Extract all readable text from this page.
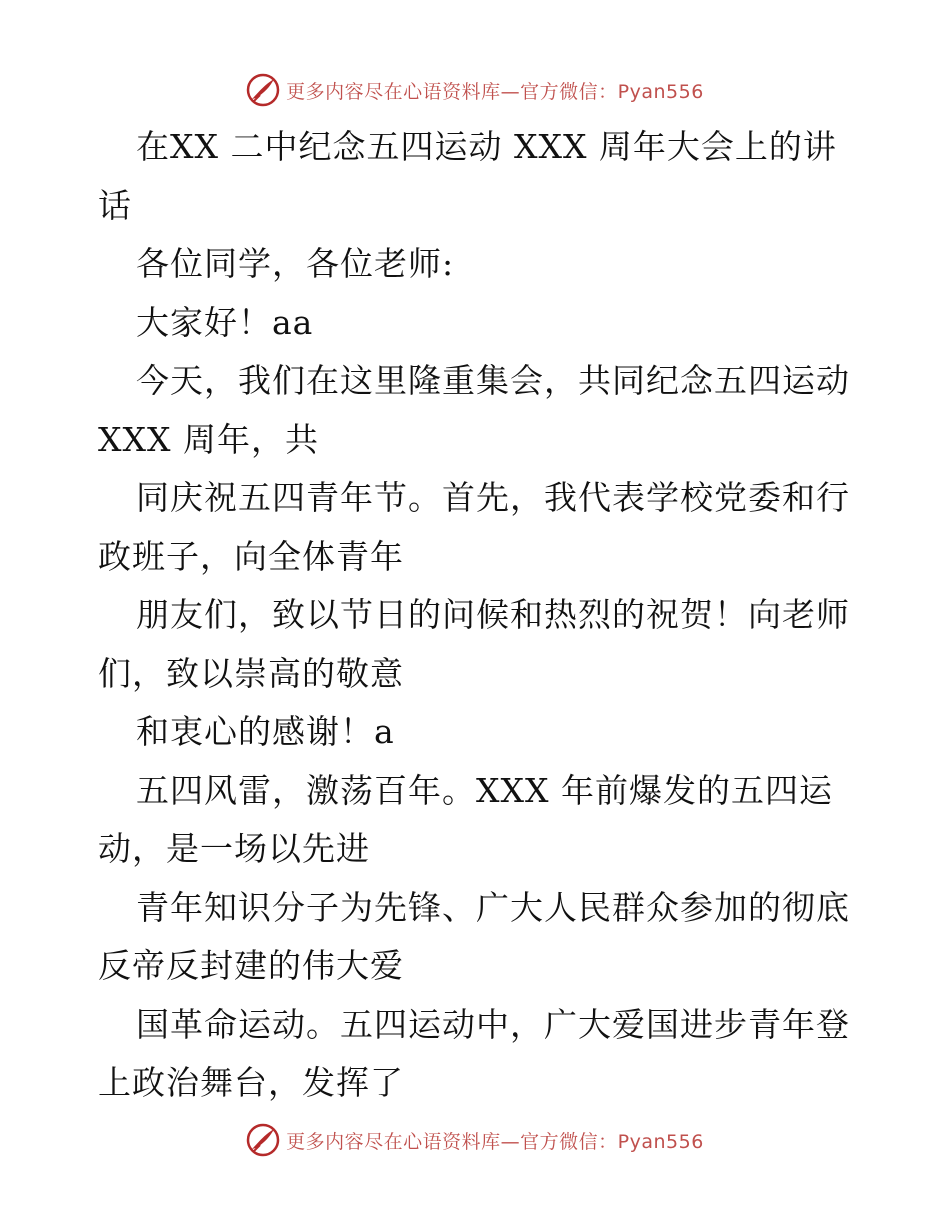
更多内容尽在心语资料库—官方微信：Pyan556
在XX 二中纪念五四运动 XXX 周年大会上的讲
话
各位同学，各位老师:
大家好！aa
今天，我们在这里隆重集会，共同纪念五四运动
XXX 周年，共
同庆祝五四青年节。首先，我代表学校党委和行
政班子，向全体青年
朋友们，致以节日的问候和热烈的祝贺！向老师
们，致以崇高的敬意
和衷心的感谢！a
五四风雷，激荡百年。XXX 年前爆发的五四运
动，是一场以先进
青年知识分子为先锋、广大人民群众参加的彻底
反帝反封建的伟大爱
国革命运动。五四运动中，广大爱国进步青年登
上政治舞台，发挥了
更多内容尽在心语资料库—官方微信：Pyan556
